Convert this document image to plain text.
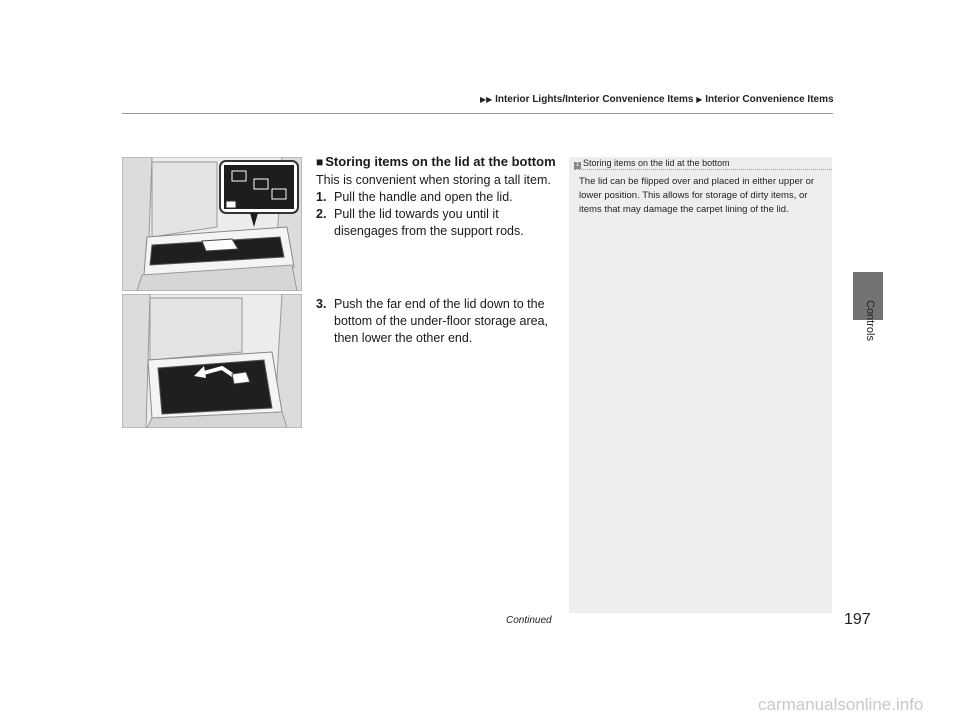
▶▶ Interior Lights/Interior Convenience Items ▶ Interior Convenience Items
Controls
■ Storing items on the lid at the bottom
This is convenient when storing a tall item.
1. Pull the handle and open the lid.
2. Pull the lid towards you until it disengages from the support rods.
3. Push the far end of the lid down to the bottom of the under-floor storage area, then lower the other end.
1 Storing items on the lid at the bottom
The lid can be flipped over and placed in either upper or lower position. This allows for storage of dirty items, or items that may damage the carpet lining of the lid.
Continued	197
carmanualsonline.info
